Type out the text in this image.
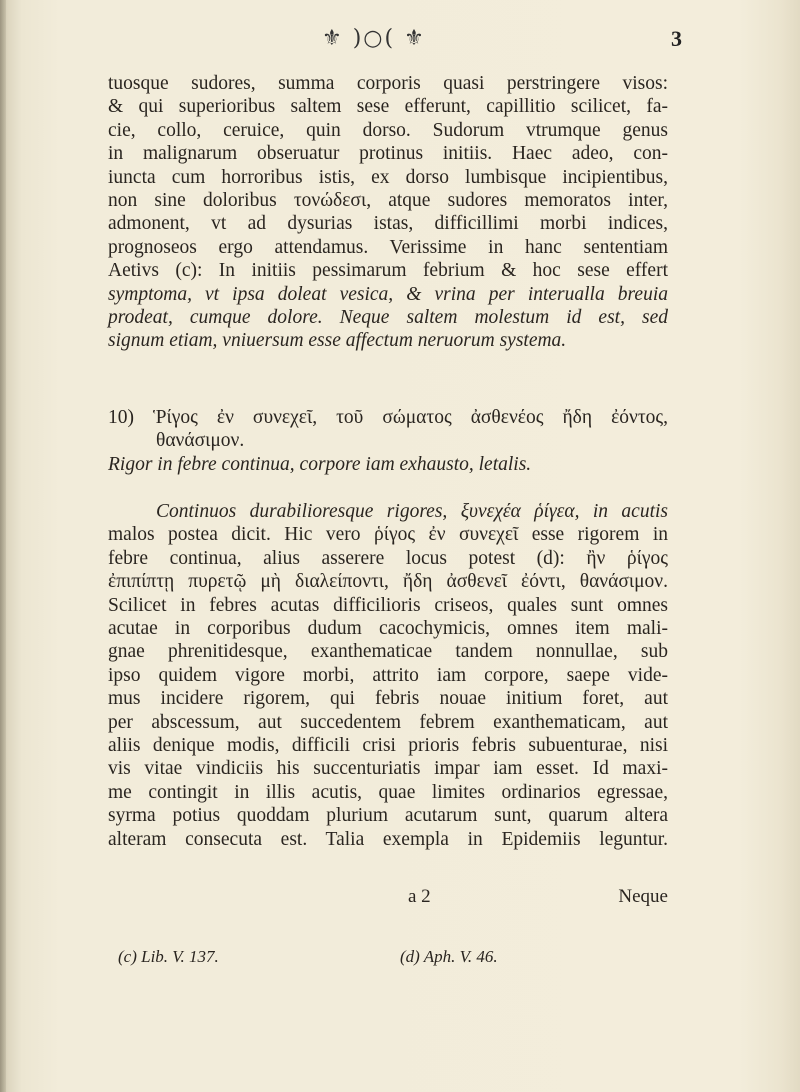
⚜ )○( ⚜	3
tuosque sudores, summa corporis quasi perstringere visos:
& qui superioribus saltem sese efferunt, capillitio scilicet, fa-
cie, collo, ceruice, quin dorso. Sudorum vtrumque genus
in malignarum obseruatur protinus initiis. Haec adeo, con-
iuncta cum horroribus istis, ex dorso lumbisque incipientibus,
non sine doloribus τονώδεσι, atque sudores memoratos inter,
admonent, vt ad dysurias istas, difficillimi morbi indices,
prognoseos ergo attendamus. Verissime in hanc sententiam
Aetivs (c): In initiis pessimarum febrium & hoc sese effert
symptoma, vt ipsa doleat vesica, & vrina per interualla breuia
prodeat, cumque dolore. Neque saltem molestum id est, sed
signum etiam, vniuersum esse affectum neruorum systema.
10) Ῥίγος ἐν συνεχεῖ, τοῦ σώματος ἀσθενέος ἤδη ἐόντος,
θανάσιμον.
Rigor in febre continua, corpore iam exhausto, letalis.
Continuos durabilioresque rigores, ξυνεχέα ῥίγεα, in acutis
malos postea dicit. Hic vero ῥίγος ἐν συνεχεῖ esse rigorem in
febre continua, alius asserere locus potest (d): ἢν ῥίγος
ἐπιπίπτῃ πυρετῷ μὴ διαλείποντι, ἤδη ἀσθενεῖ ἐόντι, θανάσιμον.
Scilicet in febres acutas difficilioris criseos, quales sunt omnes
acutae in corporibus dudum cacochymicis, omnes item mali-
gnae phrenitidesque, exanthematicae tandem nonnullae, sub
ipso quidem vigore morbi, attrito iam corpore, saepe vide-
mus incidere rigorem, qui febris nouae initium foret, aut
per abscessum, aut succedentem febrem exanthematicam, aut
aliis denique modis, difficili crisi prioris febris subuenturae, nisi
vis vitae vindiciis his succenturiatis impar iam esset. Id maxi-
me contingit in illis acutis, quae limites ordinarios egressae,
syrma potius quoddam plurium acutarum sunt, quarum altera
alteram consecuta est. Talia exempla in Epidemiis leguntur.
a 2	Neque
(c) Lib. V. 137.	(d) Aph. V. 46.
